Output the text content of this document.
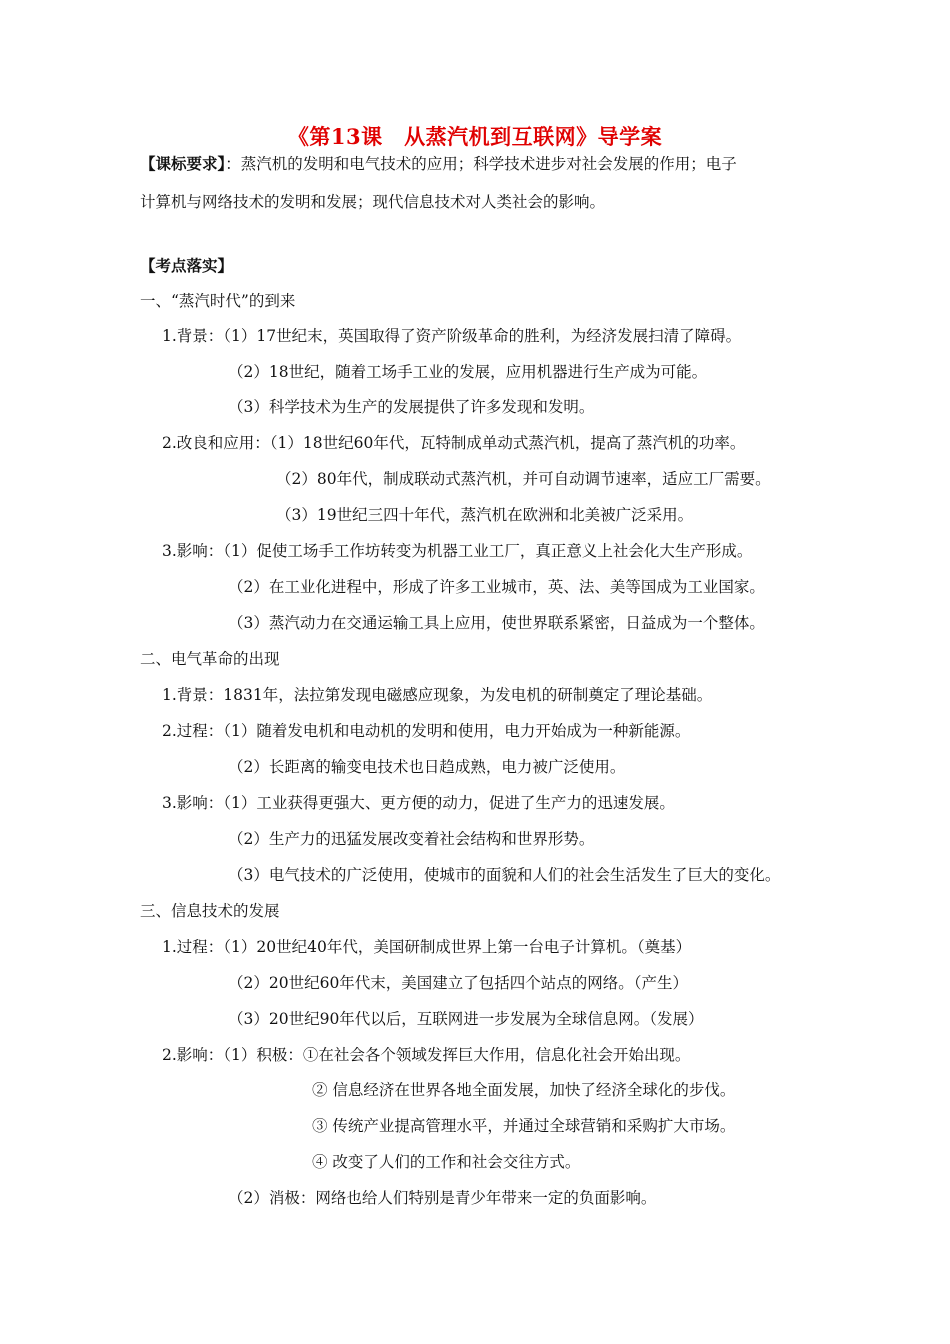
《第13课　从蒸汽机到互联网》导学案
【课标要求】：蒸汽机的发明和电气技术的应用；科学技术进步对社会发展的作用；电子
计算机与网络技术的发明和发展；现代信息技术对人类社会的影响。
【考点落实】
一、“蒸汽时代”的到来
1.背景：（1）17世纪末，英国取得了资产阶级革命的胜利，为经济发展扫清了障碍。
（2）18世纪，随着工场手工业的发展，应用机器进行生产成为可能。
（3）科学技术为生产的发展提供了许多发现和发明。
2.改良和应用：（1）18世纪60年代，瓦特制成单动式蒸汽机，提高了蒸汽机的功率。
（2）80年代，制成联动式蒸汽机，并可自动调节速率，适应工厂需要。
（3）19世纪三四十年代，蒸汽机在欧洲和北美被广泛采用。
3.影响：（1）促使工场手工作坊转变为机器工业工厂，真正意义上社会化大生产形成。
（2）在工业化进程中，形成了许多工业城市，英、法、美等国成为工业国家。
（3）蒸汽动力在交通运输工具上应用，使世界联系紧密，日益成为一个整体。
二、电气革命的出现
1.背景：1831年，法拉第发现电磁感应现象，为发电机的研制奠定了理论基础。
2.过程：（1）随着发电机和电动机的发明和使用，电力开始成为一种新能源。
（2）长距离的输变电技术也日趋成熟，电力被广泛使用。
3.影响：（1）工业获得更强大、更方便的动力，促进了生产力的迅速发展。
（2）生产力的迅猛发展改变着社会结构和世界形势。
（3）电气技术的广泛使用，使城市的面貌和人们的社会生活发生了巨大的变化。
三、信息技术的发展
1.过程：（1）20世纪40年代，美国研制成世界上第一台电子计算机。（奠基）
（2）20世纪60年代末，美国建立了包括四个站点的网络。（产生）
（3）20世纪90年代以后，互联网进一步发展为全球信息网。（发展）
2.影响：（1）积极：①在社会各个领域发挥巨大作用，信息化社会开始出现。
② 信息经济在世界各地全面发展，加快了经济全球化的步伐。
③ 传统产业提高管理水平，并通过全球营销和采购扩大市场。
④ 改变了人们的工作和社会交往方式。
（2）消极：网络也给人们特别是青少年带来一定的负面影响。
